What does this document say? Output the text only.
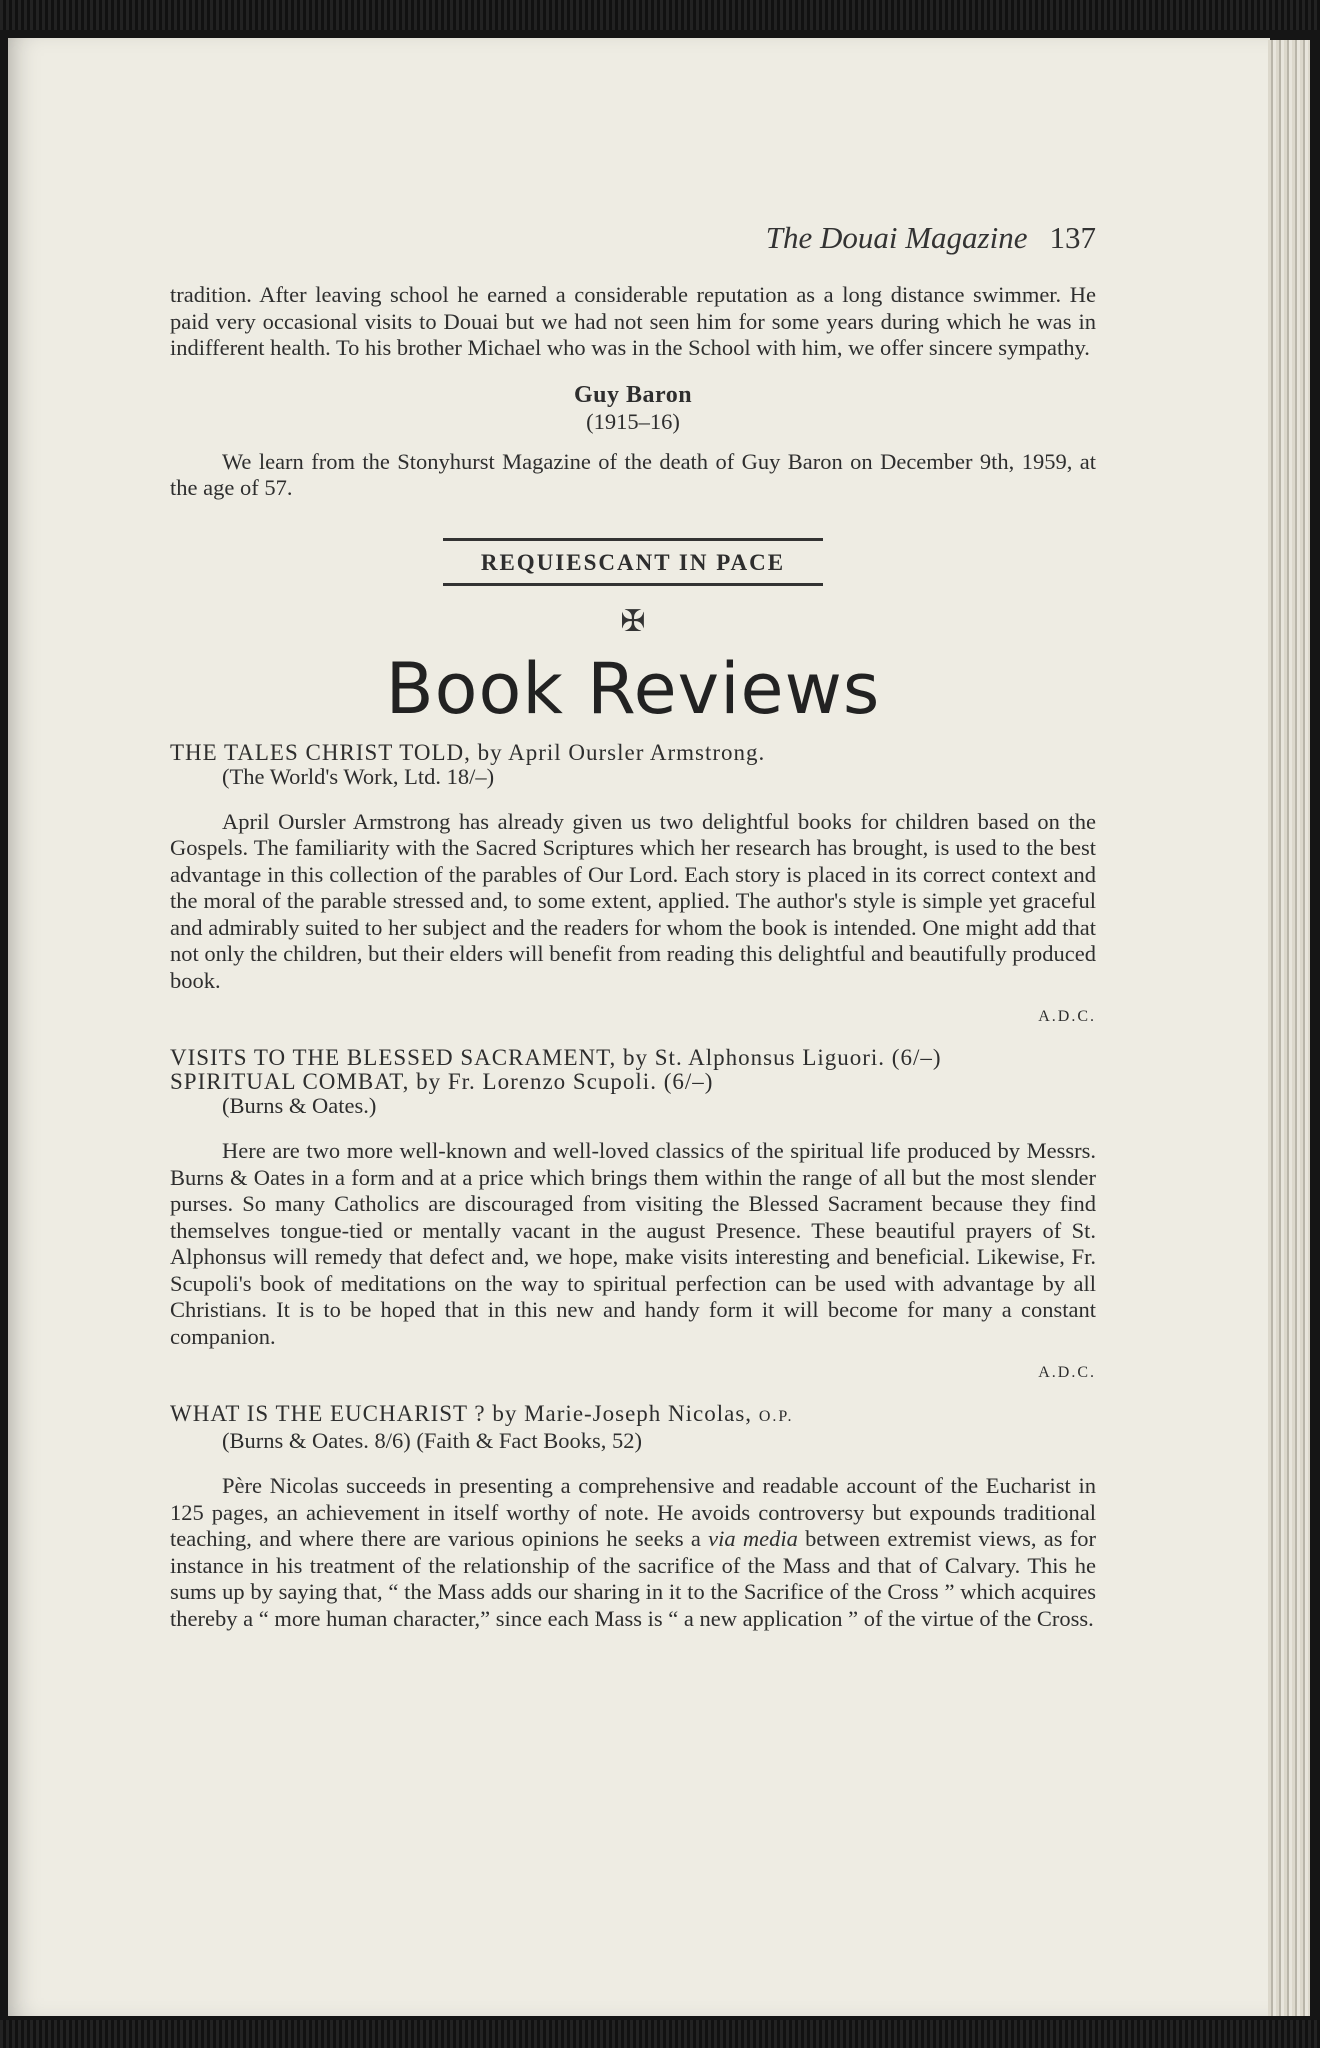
The Douai Magazine 137

tradition. After leaving school he earned a considerable reputation as a long distance swimmer. He paid very occasional visits to Douai but we had not seen him for some years during which he was in indifferent health. To his brother Michael who was in the School with him, we offer sincere sympathy.

Guy Baron
(1915–16)

We learn from the Stonyhurst Magazine of the death of Guy Baron on December 9th, 1959, at the age of 57.

REQUIESCANT IN PACE
✠
Book Reviews
THE TALES CHRIST TOLD, by April Oursler Armstrong.
(The World's Work, Ltd. 18/–)

April Oursler Armstrong has already given us two delightful books for children based on the Gospels. The familiarity with the Sacred Scriptures which her research has brought, is used to the best advantage in this collection of the parables of Our Lord. Each story is placed in its correct context and the moral of the parable stressed and, to some extent, applied. The author's style is simple yet graceful and admirably suited to her subject and the readers for whom the book is intended. One might add that not only the children, but their elders will benefit from reading this delightful and beautifully produced book.

A.D.C.
VISITS TO THE BLESSED SACRAMENT, by St. Alphonsus Liguori. (6/–)
SPIRITUAL COMBAT, by Fr. Lorenzo Scupoli. (6/–)
(Burns & Oates.)

Here are two more well-known and well-loved classics of the spiritual life produced by Messrs. Burns & Oates in a form and at a price which brings them within the range of all but the most slender purses. So many Catholics are discouraged from visiting the Blessed Sacrament because they find themselves tongue-tied or mentally vacant in the august Presence. These beautiful prayers of St. Alphonsus will remedy that defect and, we hope, make visits interesting and beneficial. Likewise, Fr. Scupoli's book of meditations on the way to spiritual perfection can be used with advantage by all Christians. It is to be hoped that in this new and handy form it will become for many a constant companion.

A.D.C.
WHAT IS THE EUCHARIST ? by Marie-Joseph Nicolas, O.P.
(Burns & Oates. 8/6) (Faith & Fact Books, 52)

Père Nicolas succeeds in presenting a comprehensive and readable account of the Eucharist in 125 pages, an achievement in itself worthy of note. He avoids controversy but expounds traditional teaching, and where there are various opinions he seeks a via media between extremist views, as for instance in his treatment of the relationship of the sacrifice of the Mass and that of Calvary. This he sums up by saying that, “ the Mass adds our sharing in it to the Sacrifice of the Cross ” which acquires thereby a “ more human character,” since each Mass is “ a new application ” of the virtue of the Cross.
